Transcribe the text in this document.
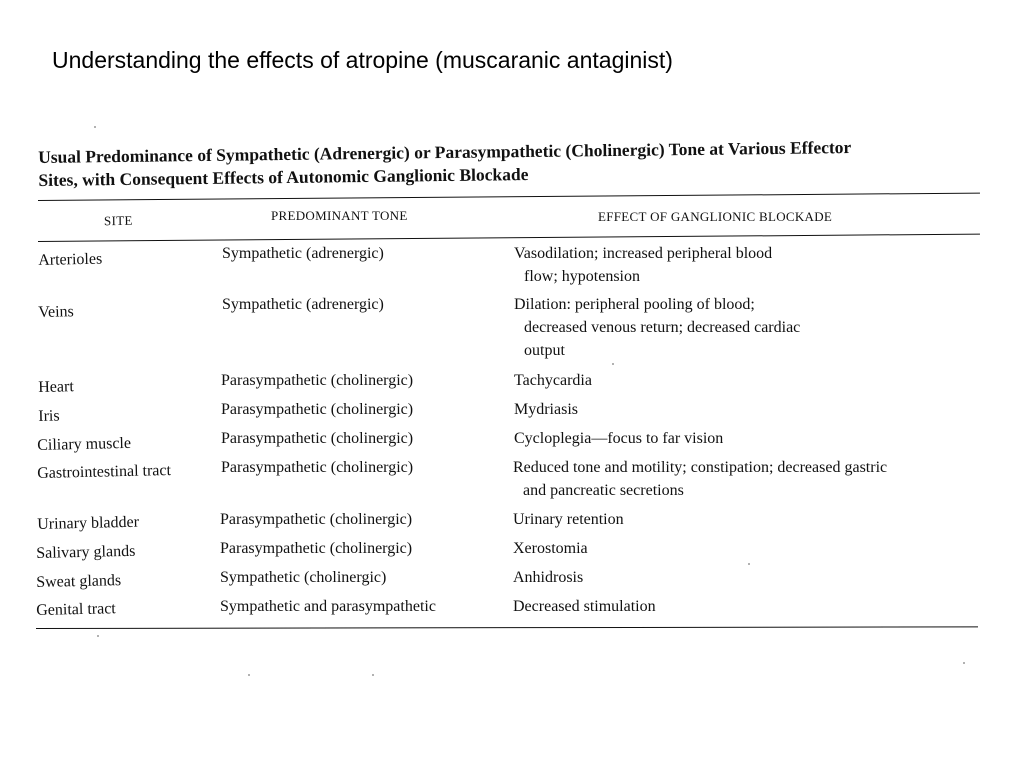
Understanding the effects of atropine (muscaranic antaginist)
Usual Predominance of Sympathetic (Adrenergic) or Parasympathetic (Cholinergic) Tone at Various Effector
Sites, with Consequent Effects of Autonomic Ganglionic Blockade
SITE	PREDOMINANT TONE	EFFECT OF GANGLIONIC BLOCKADE
Arterioles	Sympathetic (adrenergic)	Vasodilation; increased peripheral blood
flow; hypotension
Veins	Sympathetic (adrenergic)	Dilation: peripheral pooling of blood;
decreased venous return; decreased cardiac
output
Heart	Parasympathetic (cholinergic)	Tachycardia
Iris	Parasympathetic (cholinergic)	Mydriasis
Ciliary muscle	Parasympathetic (cholinergic)	Cycloplegia—focus to far vision
Gastrointestinal tract	Parasympathetic (cholinergic)	Reduced tone and motility; constipation; decreased gastric
and pancreatic secretions
Urinary bladder	Parasympathetic (cholinergic)	Urinary retention
Salivary glands	Parasympathetic (cholinergic)	Xerostomia
Sweat glands	Sympathetic (cholinergic)	Anhidrosis
Genital tract	Sympathetic and parasympathetic	Decreased stimulation
